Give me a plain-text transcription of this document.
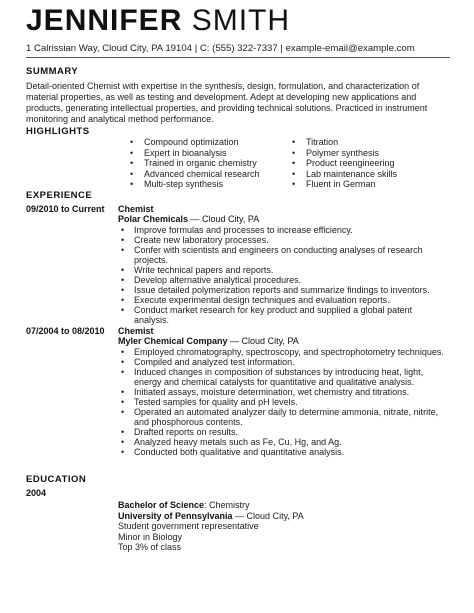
JENNIFER SMITH
1 Calrissian Way, Cloud City, PA 19104 | C: (555) 322-7337 | example-email@example.com
SUMMARY
Detail-oriented Chemist with expertise in the synthesis, design, formulation, and characterization of material properties, as well as testing and development. Adept at developing new applications and products, generating intellectual properties, and providing technical solutions. Practiced in instrument monitoring and analytical method performance.
HIGHLIGHTS
• Compound optimization
• Expert in bioanalysis
• Trained in organic chemistry
• Advanced chemical research
• Multi-step synthesis
• Titration
• Polymer synthesis
• Product reengineering
• Lab maintenance skills
• Fluent in German
EXPERIENCE
09/2010 to Current Chemist
Polar Chemicals — Cloud City, PA
• Improve formulas and processes to increase efficiency.
• Create new laboratory processes.
• Confer with scientists and engineers on conducting analyses of research projects.
• Write technical papers and reports.
• Develop alternative analytical procedures.
• Issue detailed polymerization reports and summarize findings to inventors.
• Execute experimental design techniques and evaluation reports.
• Conduct market research for key product and supplied a global patent analysis.
07/2004 to 08/2010 Chemist
Myler Chemical Company — Cloud City, PA
• Employed chromatography, spectroscopy, and spectrophotometry techniques.
• Compiled and analyzed test information.
• Induced changes in composition of substances by introducing heat, light, energy and chemical catalysts for quantitative and qualitative analysis.
• Initiated assays, moisture determination, wet chemistry and titrations.
• Tested samples for quality and pH levels.
• Operated an automated analyzer daily to determine ammonia, nitrate, nitrite, and phosphorous contents.
• Drafted reports on results.
• Analyzed heavy metals such as Fe, Cu, Hg, and Ag.
• Conducted both qualitative and quantitative analysis.
EDUCATION
2004
Bachelor of Science: Chemistry
University of Pennsylvania — Cloud City, PA
Student government representative
Minor in Biology
Top 3% of class
